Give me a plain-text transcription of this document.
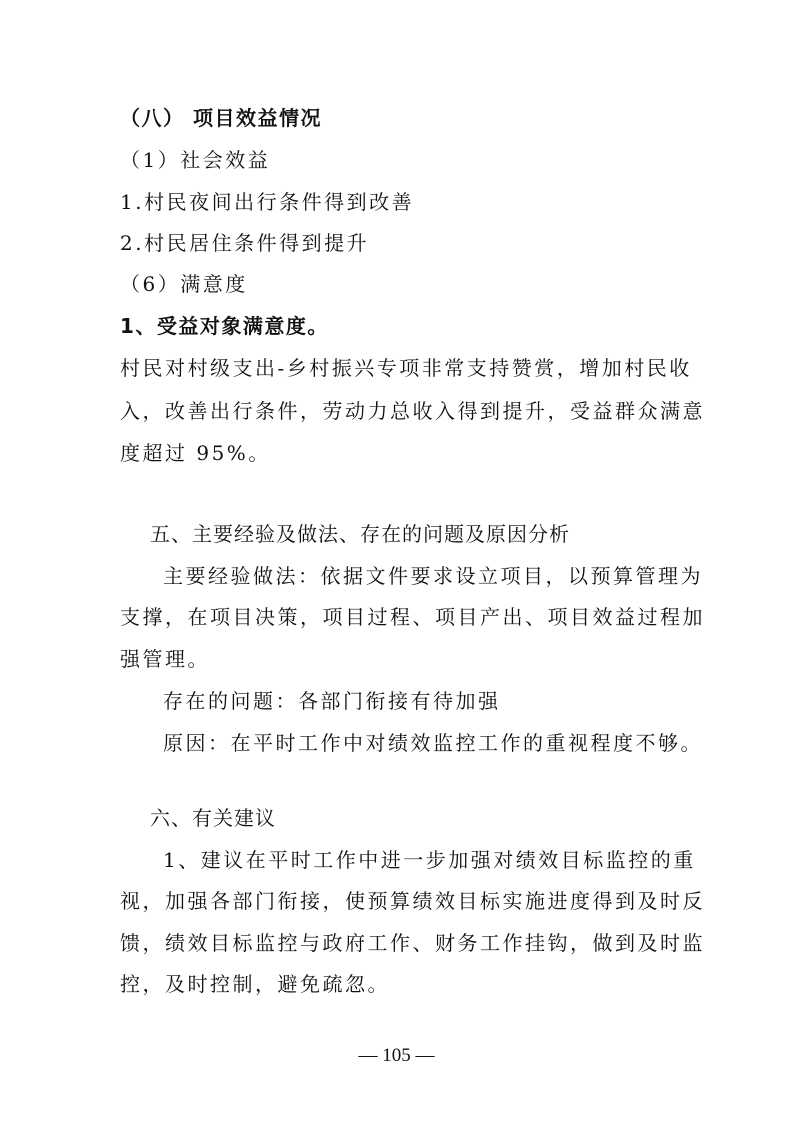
（八） 项目效益情况
（1）社会效益
1.村民夜间出行条件得到改善
2.村民居住条件得到提升
（6）满意度
1、受益对象满意度。
村民对村级支出-乡村振兴专项非常支持赞赏，增加村民收
入，改善出行条件，劳动力总收入得到提升，受益群众满意
度超过 95%。
五、主要经验及做法、存在的问题及原因分析
主要经验做法：依据文件要求设立项目，以预算管理为
支撑，在项目决策，项目过程、项目产出、项目效益过程加
强管理。
存在的问题：各部门衔接有待加强
原因：在平时工作中对绩效监控工作的重视程度不够。
六、有关建议
1、建议在平时工作中进一步加强对绩效目标监控的重
视，加强各部门衔接，使预算绩效目标实施进度得到及时反
馈，绩效目标监控与政府工作、财务工作挂钩，做到及时监
控，及时控制，避免疏忽。
— 105 —
